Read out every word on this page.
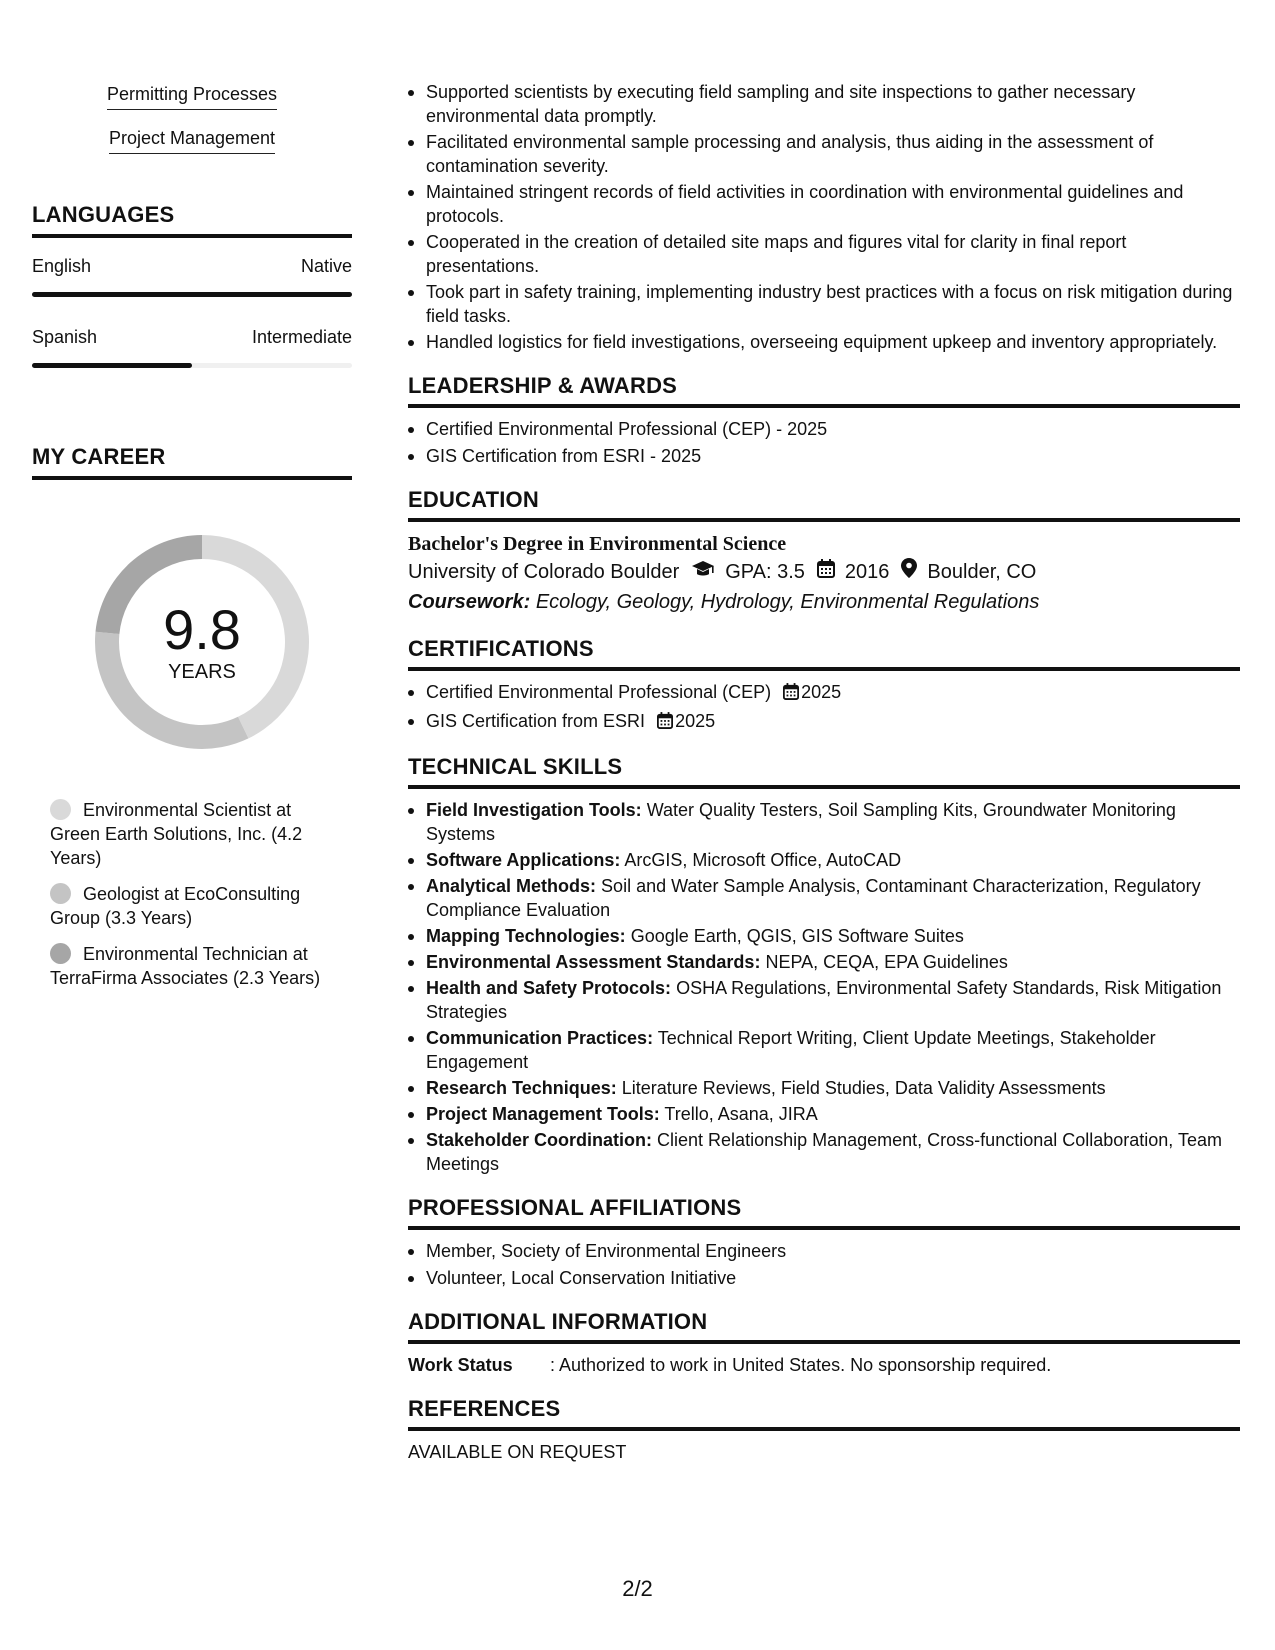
Permitting Processes
Project Management
LANGUAGES
English	Native
Spanish	Intermediate
MY CAREER
9.8
YEARS
Environmental Scientist at Green Earth Solutions, Inc. (4.2 Years)
Geologist at EcoConsulting Group (3.3 Years)
Environmental Technician at TerraFirma Associates (2.3 Years)
Supported scientists by executing field sampling and site inspections to gather necessary environmental data promptly.
Facilitated environmental sample processing and analysis, thus aiding in the assessment of contamination severity.
Maintained stringent records of field activities in coordination with environmental guidelines and protocols.
Cooperated in the creation of detailed site maps and figures vital for clarity in final report presentations.
Took part in safety training, implementing industry best practices with a focus on risk mitigation during field tasks.
Handled logistics for field investigations, overseeing equipment upkeep and inventory appropriately.
LEADERSHIP & AWARDS
Certified Environmental Professional (CEP) - 2025
GIS Certification from ESRI - 2025
EDUCATION
Bachelor's Degree in Environmental Science
University of Colorado Boulder GPA: 3.5 2016 Boulder, CO
Coursework: Ecology, Geology, Hydrology, Environmental Regulations
CERTIFICATIONS
Certified Environmental Professional (CEP) 2025
GIS Certification from ESRI 2025
TECHNICAL SKILLS
Field Investigation Tools: Water Quality Testers, Soil Sampling Kits, Groundwater Monitoring Systems
Software Applications: ArcGIS, Microsoft Office, AutoCAD
Analytical Methods: Soil and Water Sample Analysis, Contaminant Characterization, Regulatory Compliance Evaluation
Mapping Technologies: Google Earth, QGIS, GIS Software Suites
Environmental Assessment Standards: NEPA, CEQA, EPA Guidelines
Health and Safety Protocols: OSHA Regulations, Environmental Safety Standards, Risk Mitigation Strategies
Communication Practices: Technical Report Writing, Client Update Meetings, Stakeholder Engagement
Research Techniques: Literature Reviews, Field Studies, Data Validity Assessments
Project Management Tools: Trello, Asana, JIRA
Stakeholder Coordination: Client Relationship Management, Cross-functional Collaboration, Team Meetings
PROFESSIONAL AFFILIATIONS
Member, Society of Environmental Engineers
Volunteer, Local Conservation Initiative
ADDITIONAL INFORMATION
Work Status	: Authorized to work in United States. No sponsorship required.
REFERENCES
AVAILABLE ON REQUEST
2/2
